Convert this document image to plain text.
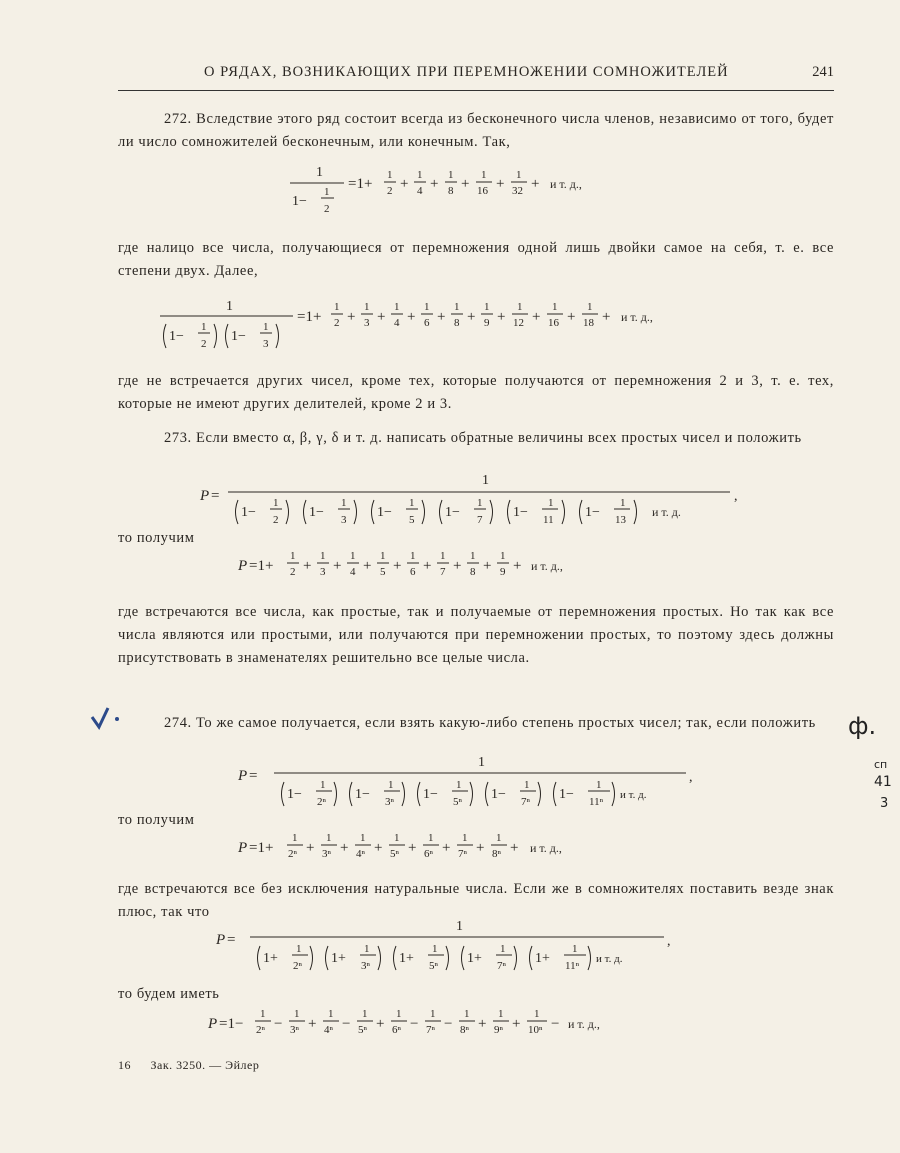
О РЯДАХ, ВОЗНИКАЮЩИХ ПРИ ПЕРЕМНОЖЕНИИ СОМНОЖИТЕЛЕЙ	241

272. Вследствие этого ряд состоит всегда из бесконечного числа членов, независимо от того, будет ли число сомножителей бесконечным, или конечным. Так,

1
1−
1
2
=1+
1
2 +
1
4 +
1
8 +
1
16 +
1
32 + и т. д.,

где налицо все числа, получающиеся от перемножения одной лишь двойки самое на себя, т. е. все степени двух. Далее,

1
1−
1
2 1−
1
3
=1+
1
2 +
1
3 +
1
4 +
1
6 +
1
8 +
1
9 +
1
12 +
1
16 +
1
18 + и т. д.,

где не встречается других чисел, кроме тех, которые получаются от перемножения 2 и 3, т. е. тех, которые не имеют других делителей, кроме 2 и 3.

273. Если вместо α, β, γ, δ и т. д. написать обратные величины всех простых чисел и положить

P =
1
,
1−
1
2 1−
1
3 1−
1
5 1−
1
7 1−
1
11 1−
1
13
и т. д.

то получим

P =1+
1
2 +
1
3 +
1
4 +
1
5 +
1
6 +
1
7 +
1
8 +
1
9 + и т. д.,

где встречаются все числа, как простые, так и получаемые от перемножения простых. Но так как все числа являются или простыми, или получаются при перемножении простых, то поэтому здесь должны присутствовать в знаменателях решительно все целые числа.

274. То же самое получается, если взять какую-либо степень простых чисел; так, если положить

P =
1
,
1−
1
2ⁿ 1−
1
3ⁿ 1−
1
5ⁿ 1−
1
7ⁿ 1−
1
11ⁿ
и т. д.

то получим

P =1+
1
2ⁿ +
1
3ⁿ +
1
4ⁿ +
1
5ⁿ +
1
6ⁿ +
1
7ⁿ +
1
8ⁿ + и т. д.,

где встречаются все без исключения натуральные числа. Если же в сомножителях поставить везде знак плюс, так что

P =
1
,
1+
1
2ⁿ 1+
1
3ⁿ 1+
1
5ⁿ 1+
1
7ⁿ 1+
1
11ⁿ
и т. д.

то будем иметь

P =1−
1
2ⁿ −
1
3ⁿ +
1
4ⁿ −
1
5ⁿ +
1
6ⁿ −
1
7ⁿ −
1
8ⁿ +
1
9ⁿ +
1
10ⁿ − и т. д.,
16 Зак. 3250. — Эйлер
ф.
сп
41
3
